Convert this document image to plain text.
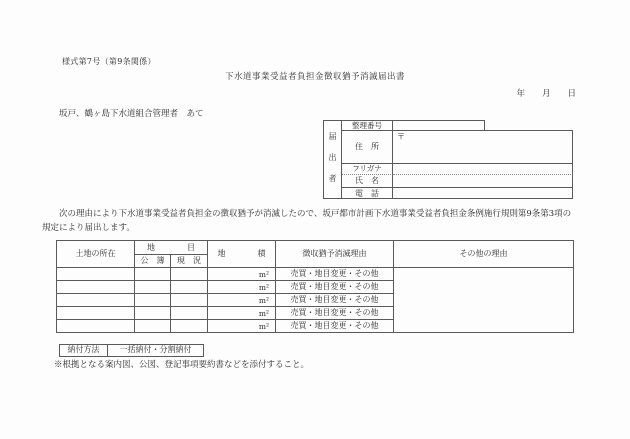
様式第7号（第9条関係）
下水道事業受益者負担金徴収猶予消滅届出書
年　　月　　日
坂戸、鶴ヶ島下水道組合管理者　あて
届出者
整理番号
住　所
〒
フリガナ
氏　名
電　話
次の理由により下水道事業受益者負担金の徴収猶予が消滅したので、坂戸都市計画下水道事業受益者負担金条例施行規則第9条第3項の規定により届出します。
土地の所在	地　　　　目		地　　　　積	徴収猶予消滅理由	その他の理由
	公　簿	現　況			
			m²	売買・地目変更・その他	
			m²	売買・地目変更・その他	
			m²	売買・地目変更・その他	
			m²	売買・地目変更・その他	
			m²	売買・地目変更・その他	
納付方法	一括納付・分割納付
※根拠となる案内図、公図、登記事項要約書などを添付すること。
